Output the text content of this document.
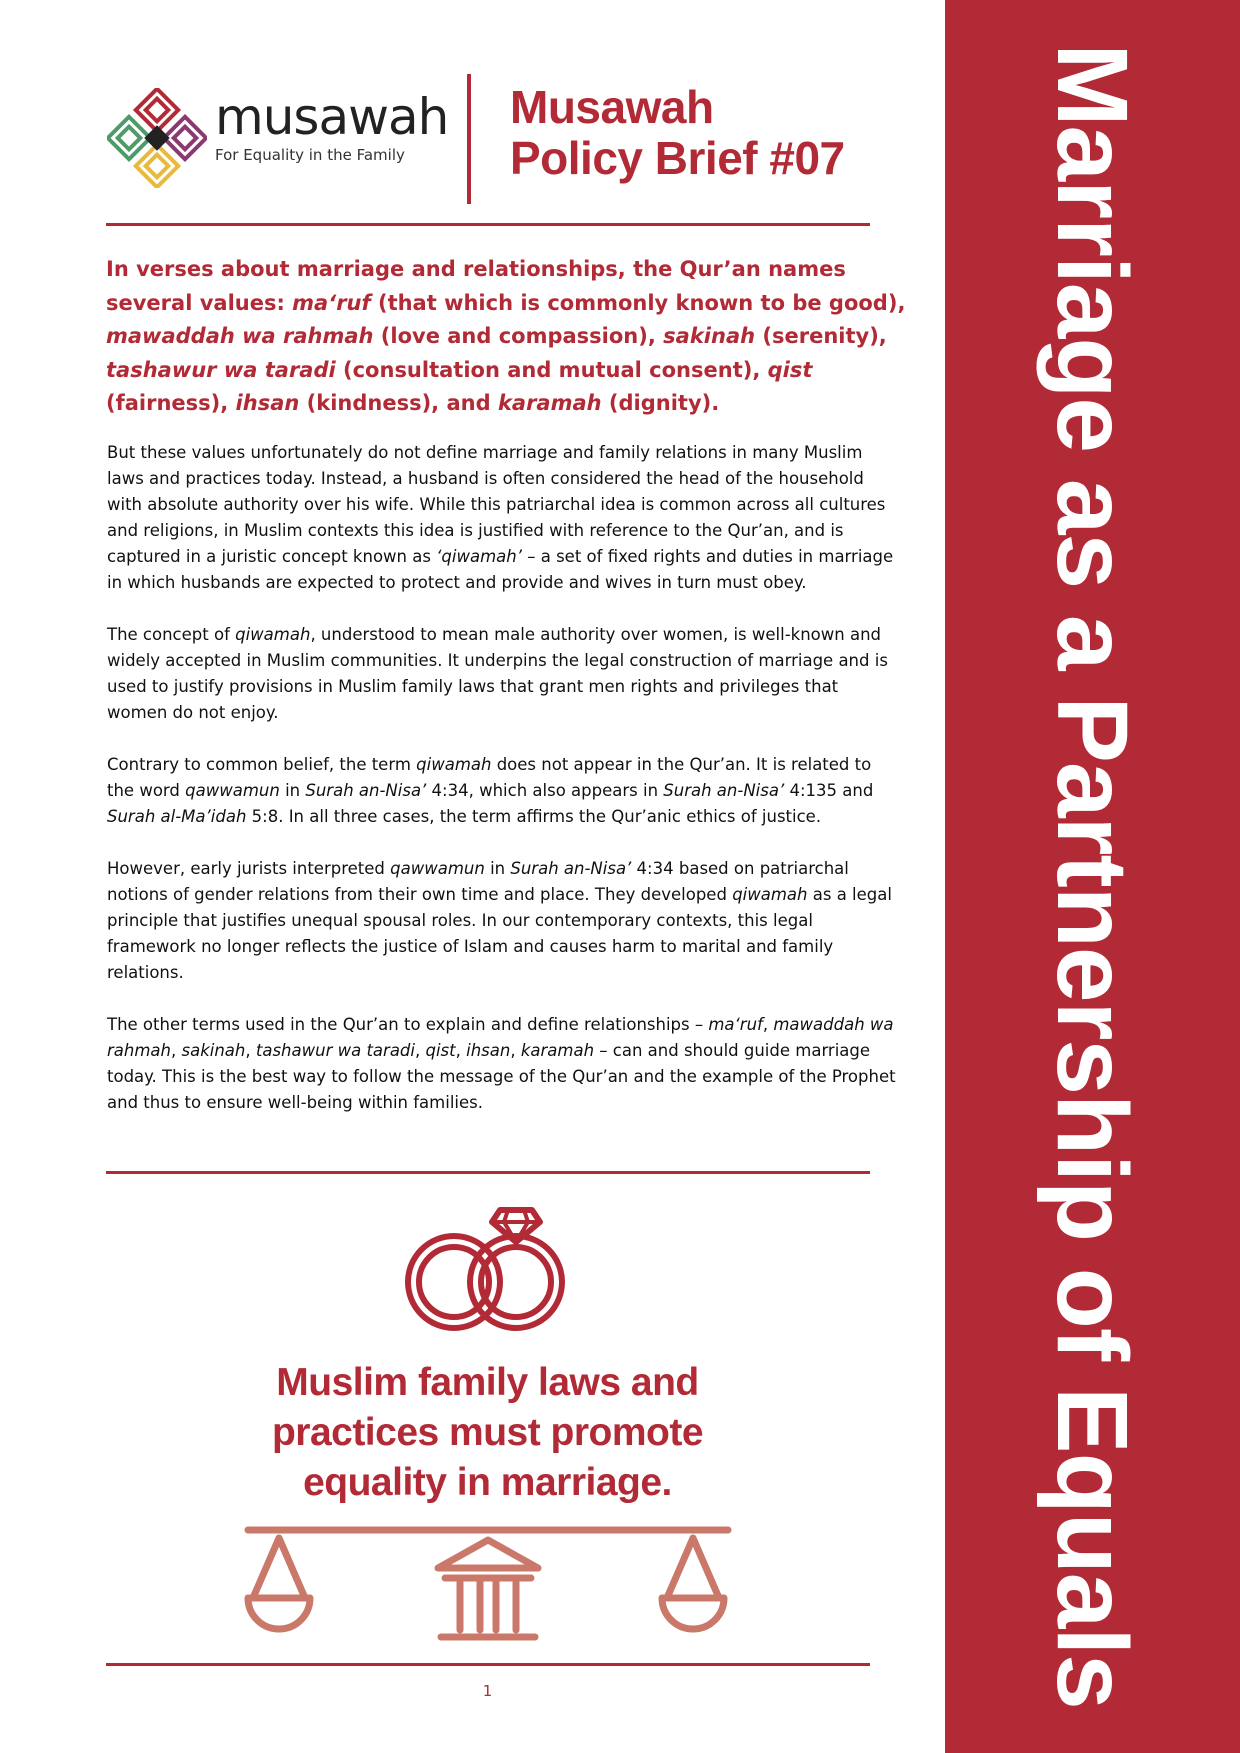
Marriage as a Partnership of Equals
musawah
For Equality in the Family
Musawah
Policy Brief #07

In verses about marriage and relationships, the Qur’an names several values: ma‘ruf (that which is commonly known to be good), mawaddah wa rahmah (love and compassion), sakinah (serenity), tashawur wa taradi (consultation and mutual consent), qist (fairness), ihsan (kindness), and karamah (dignity).

But these values unfortunately do not define marriage and family relations in many Muslim laws and practices today. Instead, a husband is often considered the head of the household with absolute authority over his wife. While this patriarchal idea is common across all cultures and religions, in Muslim contexts this idea is justified with reference to the Qur’an, and is captured in a juristic concept known as ‘qiwamah’ – a set of fixed rights and duties in marriage in which husbands are expected to protect and provide and wives in turn must obey.

The concept of qiwamah, understood to mean male authority over women, is well-known and widely accepted in Muslim communities. It underpins the legal construction of marriage and is used to justify provisions in Muslim family laws that grant men rights and privileges that women do not enjoy.

Contrary to common belief, the term qiwamah does not appear in the Qur’an. It is related to the word qawwamun in Surah an-Nisa’ 4:34, which also appears in Surah an-Nisa’ 4:135 and Surah al-Ma’idah 5:8. In all three cases, the term affirms the Qur’anic ethics of justice.

However, early jurists interpreted qawwamun in Surah an-Nisa’ 4:34 based on patriarchal notions of gender relations from their own time and place. They developed qiwamah as a legal principle that justifies unequal spousal roles. In our contemporary contexts, this legal framework no longer reflects the justice of Islam and causes harm to marital and family relations.

The other terms used in the Qur’an to explain and define relationships – ma‘ruf, mawaddah wa rahmah, sakinah, tashawur wa taradi, qist, ihsan, karamah – can and should guide marriage today. This is the best way to follow the message of the Qur’an and the example of the Prophet and thus to ensure well-being within families.

Muslim family laws and
practices must promote
equality in marriage.
1
